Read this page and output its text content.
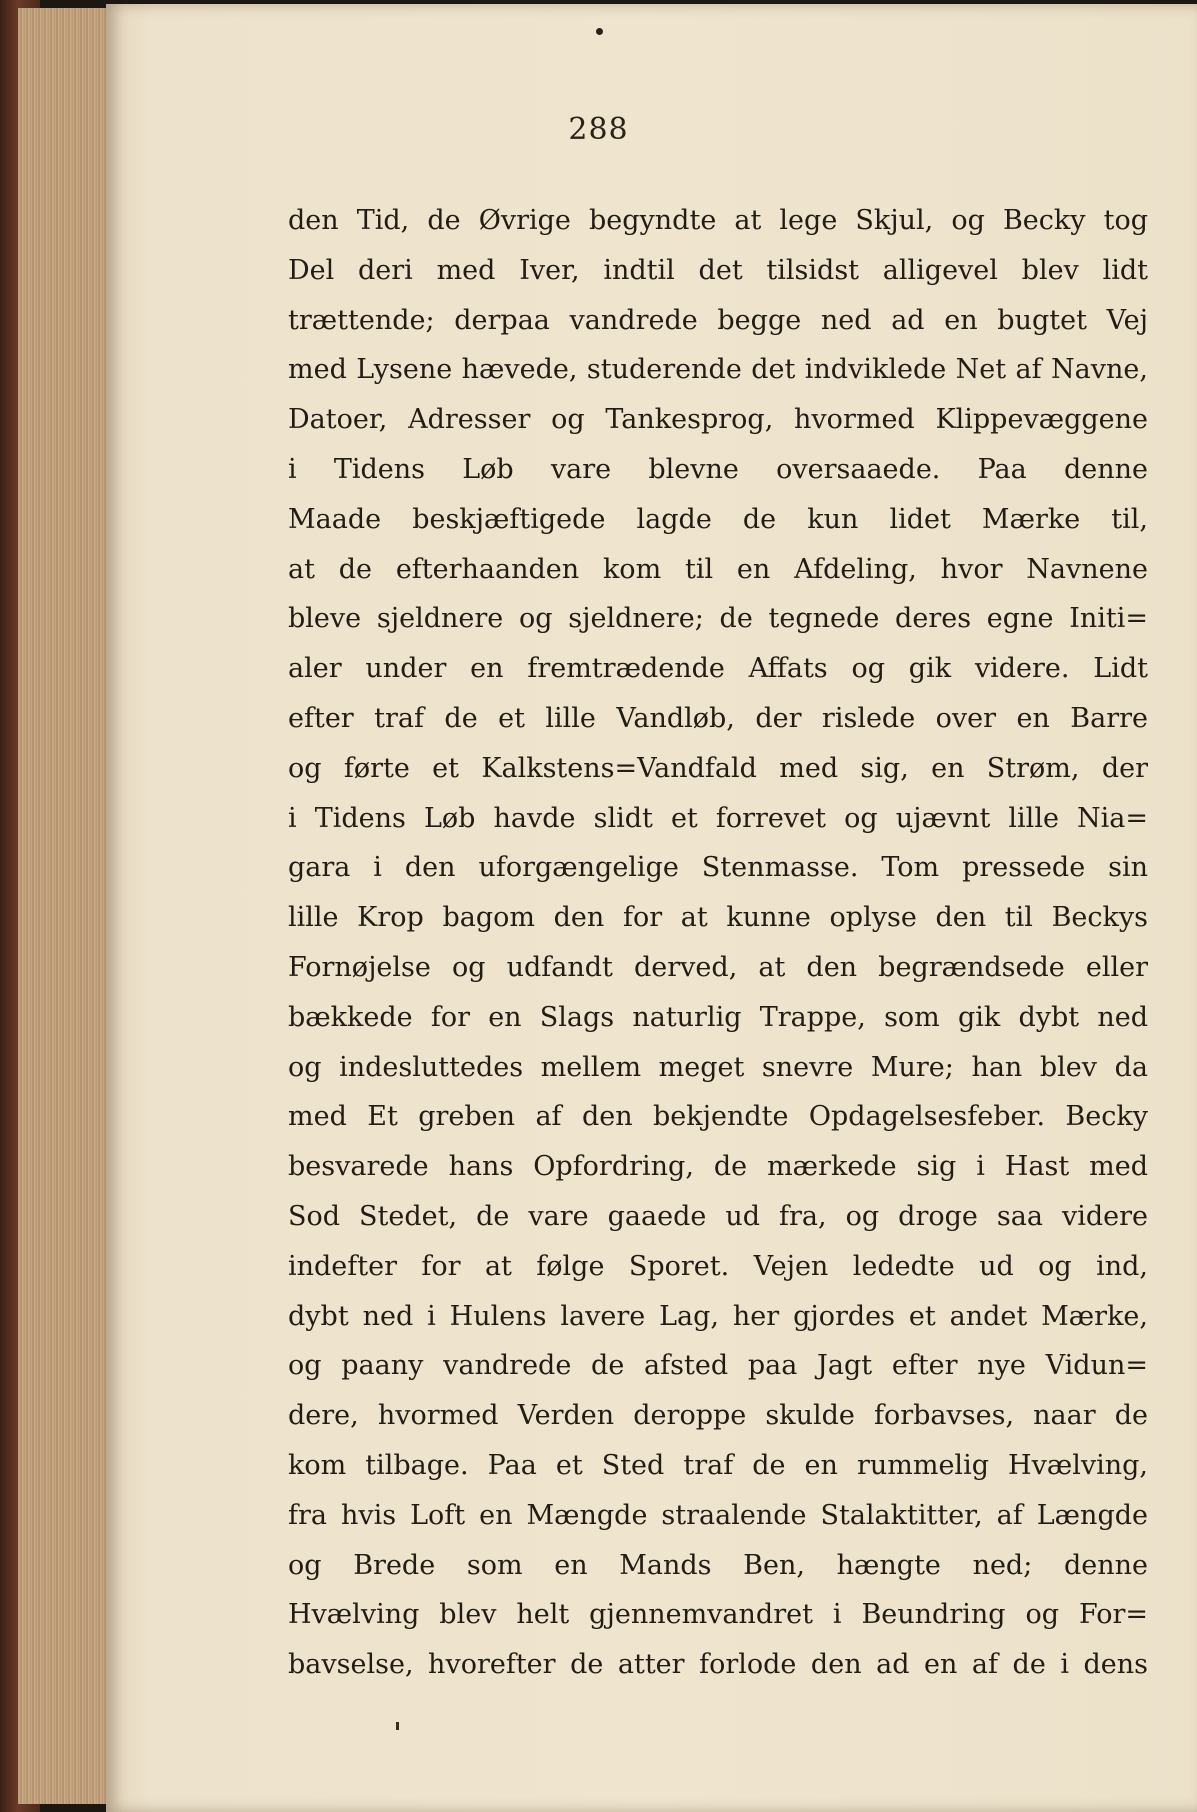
288
den Tid, de Øvrige begyndte at lege Skjul, og Becky tog
Del deri med Iver, indtil det tilsidst alligevel blev lidt
trættende; derpaa vandrede begge ned ad en bugtet Vej
med Lysene hævede, studerende det indviklede Net af Navne,
Datoer, Adresser og Tankesprog, hvormed Klippevæggene
i Tidens Løb vare blevne oversaaede. Paa denne
Maade beskjæftigede lagde de kun lidet Mærke til,
at de efterhaanden kom til en Afdeling, hvor Navnene
bleve sjeldnere og sjeldnere; de tegnede deres egne Initi=
aler under en fremtrædende Affats og gik videre. Lidt
efter traf de et lille Vandløb, der rislede over en Barre
og førte et Kalkstens=Vandfald med sig, en Strøm, der
i Tidens Løb havde slidt et forrevet og ujævnt lille Nia=
gara i den uforgængelige Stenmasse. Tom pressede sin
lille Krop bagom den for at kunne oplyse den til Beckys
Fornøjelse og udfandt derved, at den begrændsede eller
bækkede for en Slags naturlig Trappe, som gik dybt ned
og indesluttedes mellem meget snevre Mure; han blev da
med Et greben af den bekjendte Opdagelsesfeber. Becky
besvarede hans Opfordring, de mærkede sig i Hast med
Sod Stedet, de vare gaaede ud fra, og droge saa videre
indefter for at følge Sporet. Vejen lededte ud og ind,
dybt ned i Hulens lavere Lag, her gjordes et andet Mærke,
og paany vandrede de afsted paa Jagt efter nye Vidun=
dere, hvormed Verden deroppe skulde forbavses, naar de
kom tilbage. Paa et Sted traf de en rummelig Hvælving,
fra hvis Loft en Mængde straalende Stalaktitter, af Længde
og Brede som en Mands Ben, hængte ned; denne
Hvælving blev helt gjennemvandret i Beundring og For=
bavselse, hvorefter de atter forlode den ad en af de i dens
